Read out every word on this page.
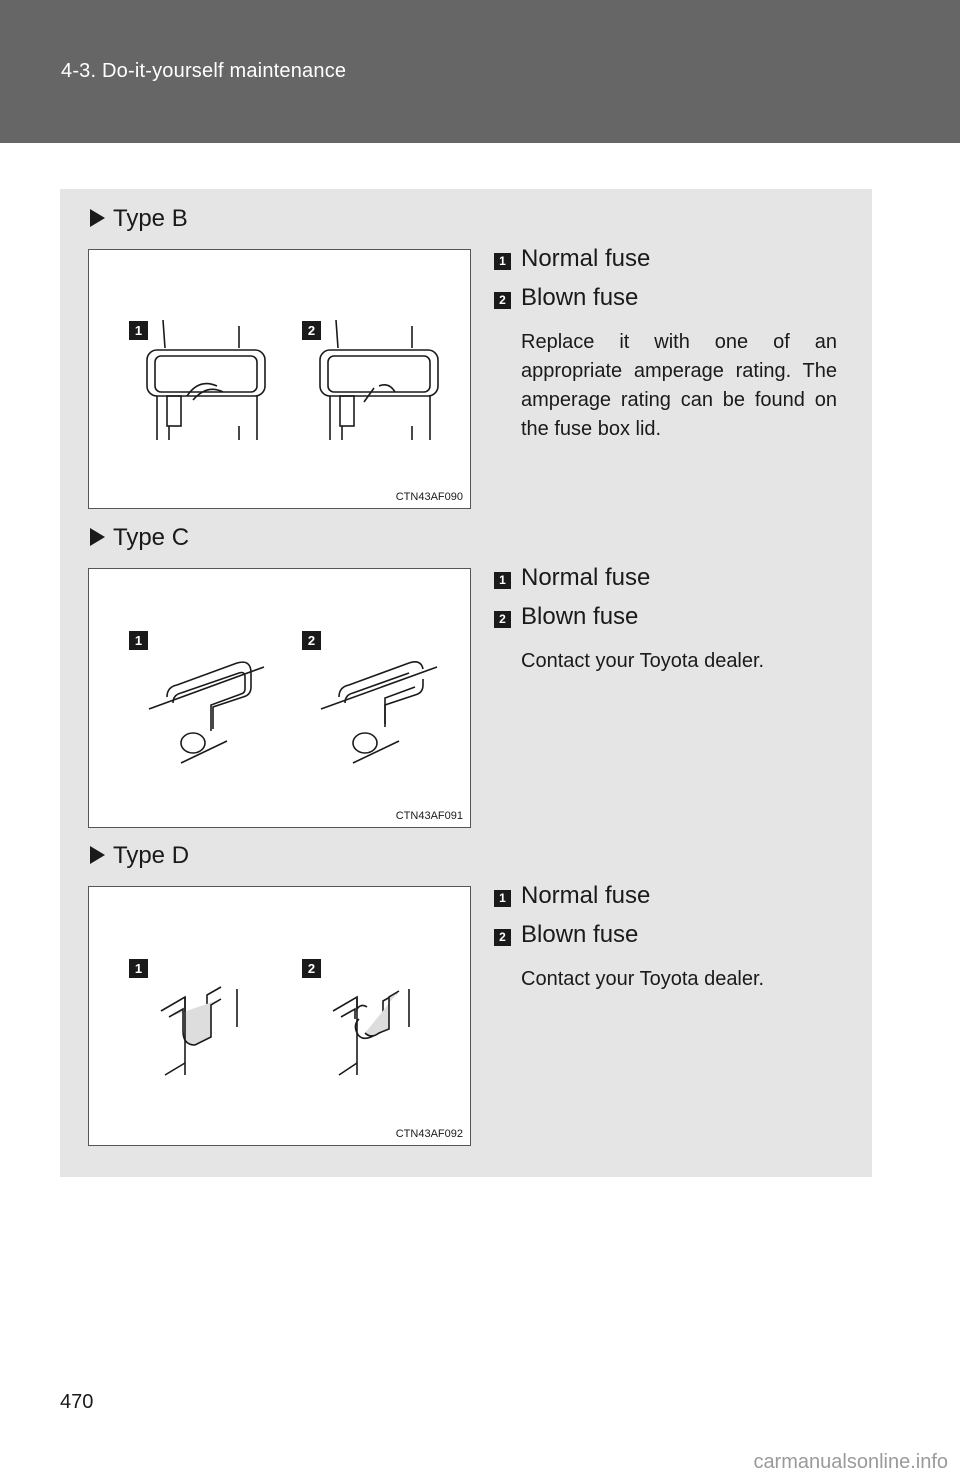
4-3. Do-it-yourself maintenance
Type B
1	2
CTN43AF090
1 Normal fuse
2 Blown fuse
Replace it with one of an appropriate amperage rating. The amperage rating can be found on the fuse box lid.
Type C
1	2
CTN43AF091
1 Normal fuse
2 Blown fuse
Contact your Toyota dealer.
Type D
1	2
CTN43AF092
1 Normal fuse
2 Blown fuse
Contact your Toyota dealer.
470
carmanualsonline.info
